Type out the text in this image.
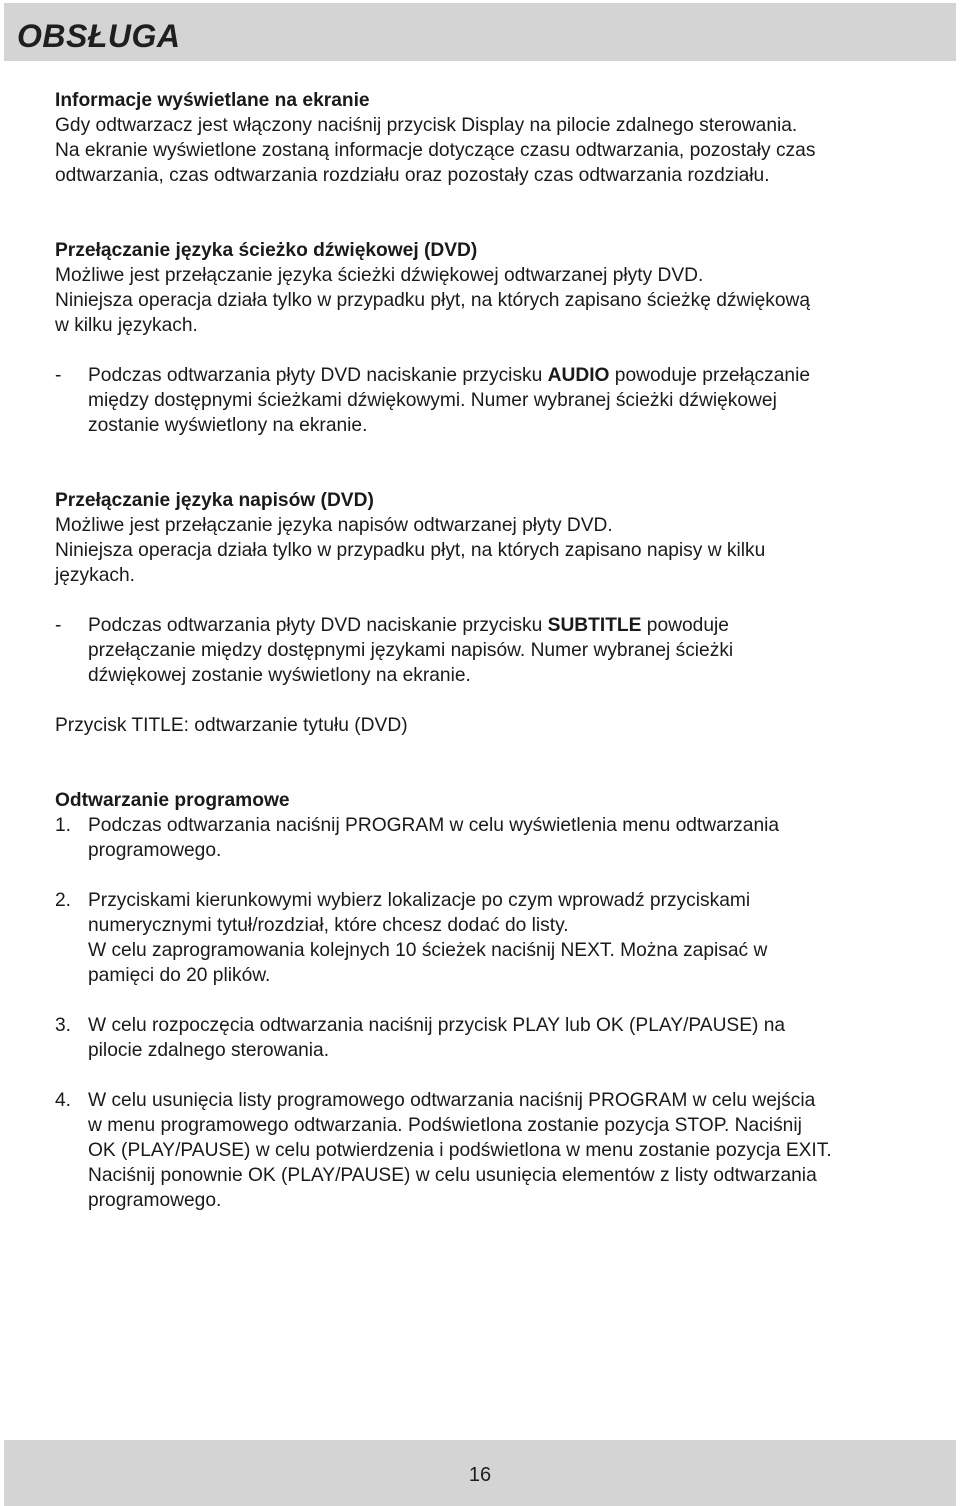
OBSŁUGA
Informacje wyświetlane na ekranie
Gdy odtwarzacz jest włączony naciśnij przycisk Display na pilocie zdalnego sterowania.
Na ekranie wyświetlone zostaną informacje dotyczące czasu odtwarzania, pozostały czas
odtwarzania, czas odtwarzania rozdziału oraz pozostały czas odtwarzania rozdziału.
Przełączanie języka ścieżko dźwiękowej (DVD)
Możliwe jest przełączanie języka ścieżki dźwiękowej odtwarzanej płyty DVD.
Niniejsza operacja działa tylko w przypadku płyt, na których zapisano ścieżkę dźwiękową
w kilku językach.
-	Podczas odtwarzania płyty DVD naciskanie przycisku AUDIO powoduje przełączanie
między dostępnymi ścieżkami dźwiękowymi. Numer wybranej ścieżki dźwiękowej
zostanie wyświetlony na ekranie.
Przełączanie języka napisów (DVD)
Możliwe jest przełączanie języka napisów odtwarzanej płyty DVD.
Niniejsza operacja działa tylko w przypadku płyt, na których zapisano napisy w kilku
językach.
-	Podczas odtwarzania płyty DVD naciskanie przycisku SUBTITLE powoduje
przełączanie między dostępnymi językami napisów. Numer wybranej ścieżki
dźwiękowej zostanie wyświetlony na ekranie.
Przycisk TITLE: odtwarzanie tytułu (DVD)
Odtwarzanie programowe
1. Podczas odtwarzania naciśnij PROGRAM w celu wyświetlenia menu odtwarzania
programowego.
2. Przyciskami kierunkowymi wybierz lokalizacje po czym wprowadź przyciskami
numerycznymi tytuł/rozdział, które chcesz dodać do listy.
W celu zaprogramowania kolejnych 10 ścieżek naciśnij NEXT. Można zapisać w
pamięci do 20 plików.
3. W celu rozpoczęcia odtwarzania naciśnij przycisk PLAY lub OK (PLAY/PAUSE) na
pilocie zdalnego sterowania.
4. W celu usunięcia listy programowego odtwarzania naciśnij PROGRAM w celu wejścia
w menu programowego odtwarzania. Podświetlona zostanie pozycja STOP. Naciśnij
OK (PLAY/PAUSE) w celu potwierdzenia i podświetlona w menu zostanie pozycja EXIT.
Naciśnij ponownie OK (PLAY/PAUSE) w celu usunięcia elementów z listy odtwarzania
programowego.
16
